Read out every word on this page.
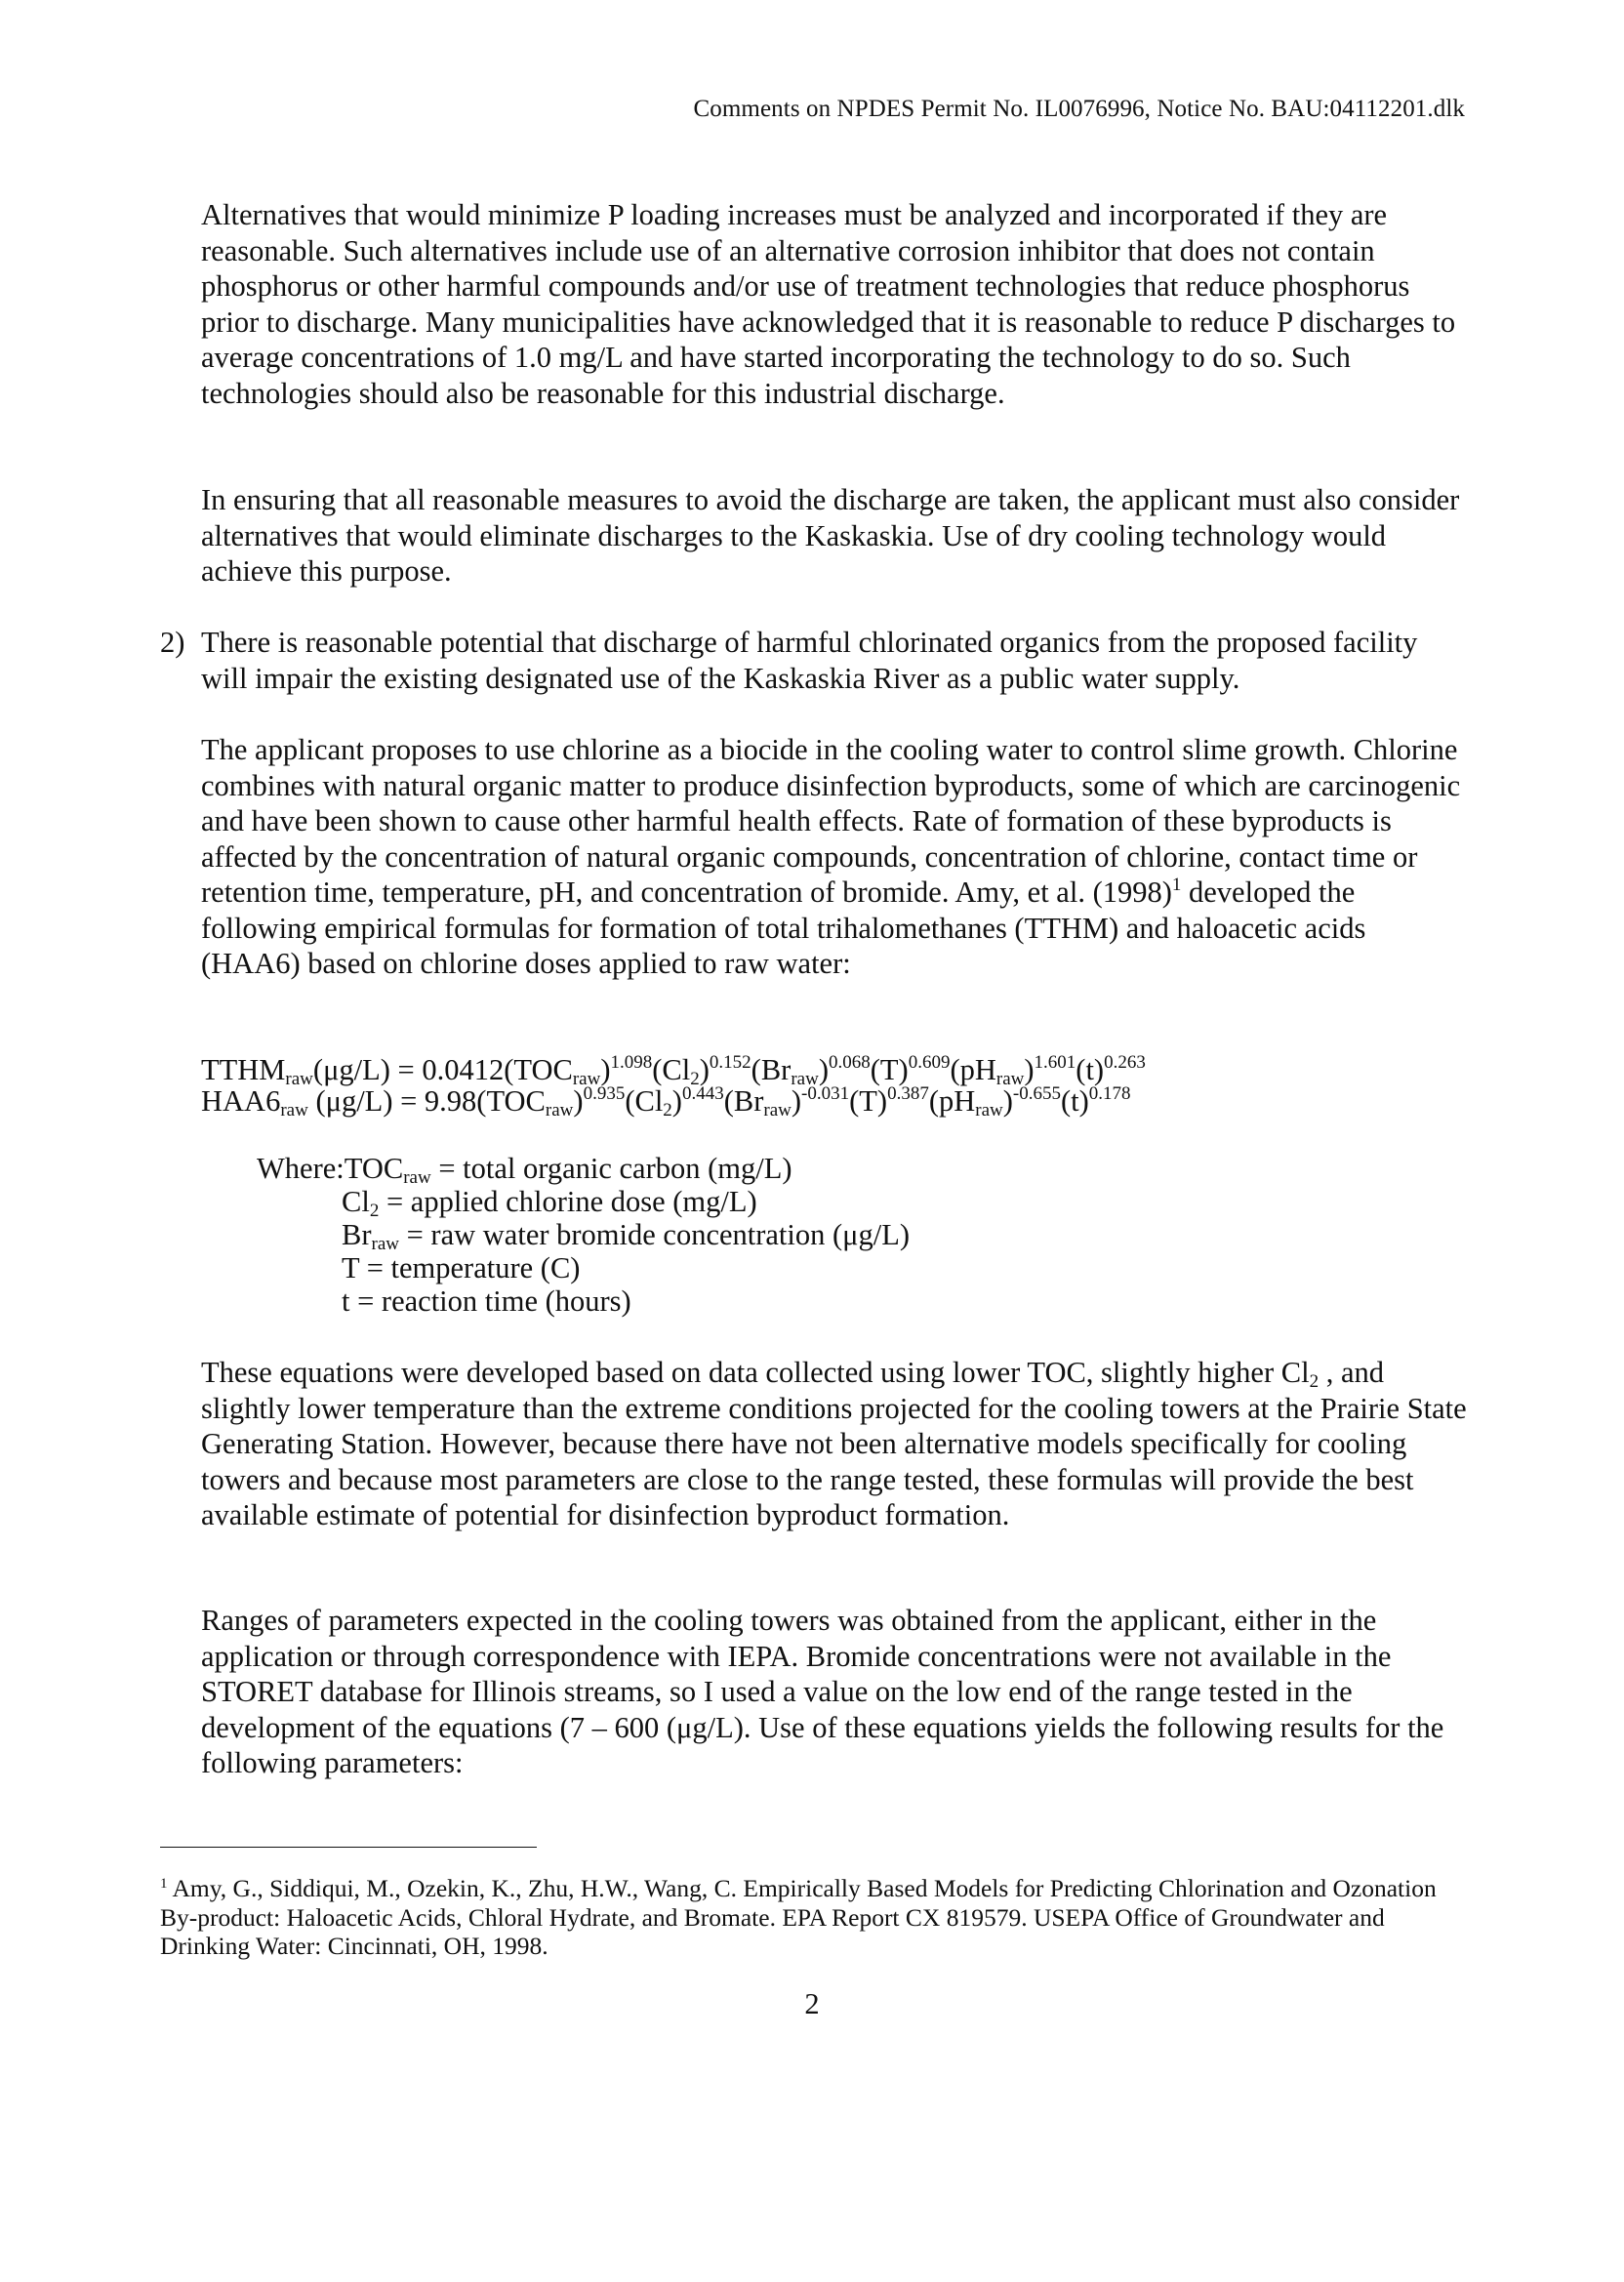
Comments on NPDES Permit No. IL0076996, Notice No. BAU:04112201.dlk

Alternatives that would minimize P loading increases must be analyzed and incorporated if they are reasonable. Such alternatives include use of an alternative corrosion inhibitor that does not contain phosphorus or other harmful compounds and/or use of treatment technologies that reduce phosphorus prior to discharge. Many municipalities have acknowledged that it is reasonable to reduce P discharges to average concentrations of 1.0 mg/L and have started incorporating the technology to do so. Such technologies should also be reasonable for this industrial discharge.

In ensuring that all reasonable measures to avoid the discharge are taken, the applicant must also consider alternatives that would eliminate discharges to the Kaskaskia. Use of dry cooling technology would achieve this purpose.

2) There is reasonable potential that discharge of harmful chlorinated organics from the proposed facility will impair the existing designated use of the Kaskaskia River as a public water supply.

The applicant proposes to use chlorine as a biocide in the cooling water to control slime growth. Chlorine combines with natural organic matter to produce disinfection byproducts, some of which are carcinogenic and have been shown to cause other harmful health effects. Rate of formation of these byproducts is affected by the concentration of natural organic compounds, concentration of chlorine, contact time or retention time, temperature, pH, and concentration of bromide. Amy, et al. $(1998)^1$ developed the following empirical formulas for formation of total trihalomethanes (TTHM) and haloacetic acids (HAA6) based on chlorine doses applied to raw water:

$TTHM_{raw}(\mu g/L) = 0.0412(TOC_{raw})^{1.098}(Cl_2)^{0.152}(Br_{raw})^{0.068}(T)^{0.609}(pH_{raw})^{1.601}(t)^{0.263}$
$HAA6_{raw}$ $(\mu g/L) = 9.98(TOC_{raw})^{0.935}(Cl_2)^{0.443}(Br_{raw})^{-0.031}(T)^{0.387}(pH_{raw})^{-0.655}(t)^{0.178}$
$Where:TOC_{raw}$ = total organic carbon (mg/L)
$Cl_2$ = applied chlorine dose (mg/L)
$Br_{raw}$ = raw water bromide concentration (μg/L)
T = temperature (C)
t = reaction time (hours)

These equations were developed based on data collected using lower TOC, slightly higher $Cl_2$ , and slightly lower temperature than the extreme conditions projected for the cooling towers at the Prairie State Generating Station. However, because there have not been alternative models specifically for cooling towers and because most parameters are close to the range tested, these formulas will provide the best available estimate of potential for disinfection byproduct formation.

Ranges of parameters expected in the cooling towers was obtained from the applicant, either in the application or through correspondence with IEPA. Bromide concentrations were not available in the STORET database for Illinois streams, so I used a value on the low end of the range tested in the development of the equations (7 – 600 (μg/L). Use of these equations yields the following results for the following parameters:

$^1$ Amy, G., Siddiqui, M., Ozekin, K., Zhu, H.W., Wang, C. Empirically Based Models for Predicting Chlorination and Ozonation By-product: Haloacetic Acids, Chloral Hydrate, and Bromate. EPA Report CX 819579. USEPA Office of Groundwater and Drinking Water: Cincinnati, OH, 1998.
2
